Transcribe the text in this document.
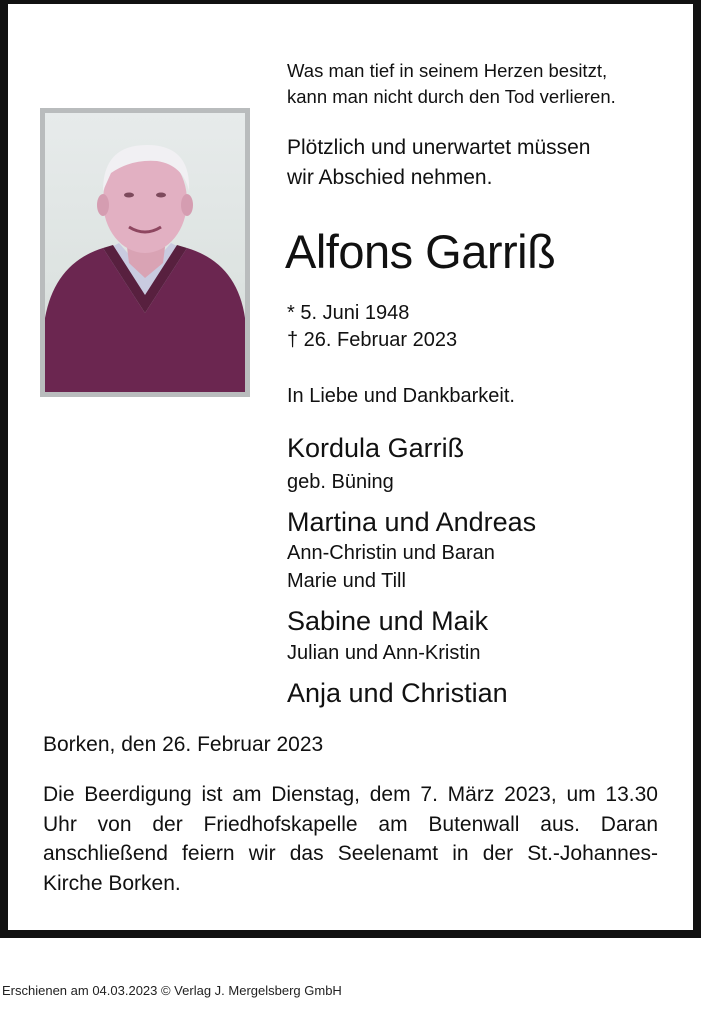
Was man tief in seinem Herzen besitzt,
kann man nicht durch den Tod verlieren.
Plötzlich und unerwartet müssen
wir Abschied nehmen.
Alfons Garriß
* 5. Juni 1948
† 26. Februar 2023
In Liebe und Dankbarkeit.
Kordula Garriß
geb. Büning
Martina und Andreas
Ann-Christin und Baran
Marie und Till
Sabine und Maik
Julian und Ann-Kristin
Anja und Christian
Borken, den 26. Februar 2023
Die Beerdigung ist am Dienstag, dem 7. März 2023, um 13.30 Uhr von der Friedhofskapelle am Butenwall aus. Daran anschließend feiern wir das Seelenamt in der St.-Johannes-Kirche Borken.
Erschienen am 04.03.2023 © Verlag J. Mergelsberg GmbH
